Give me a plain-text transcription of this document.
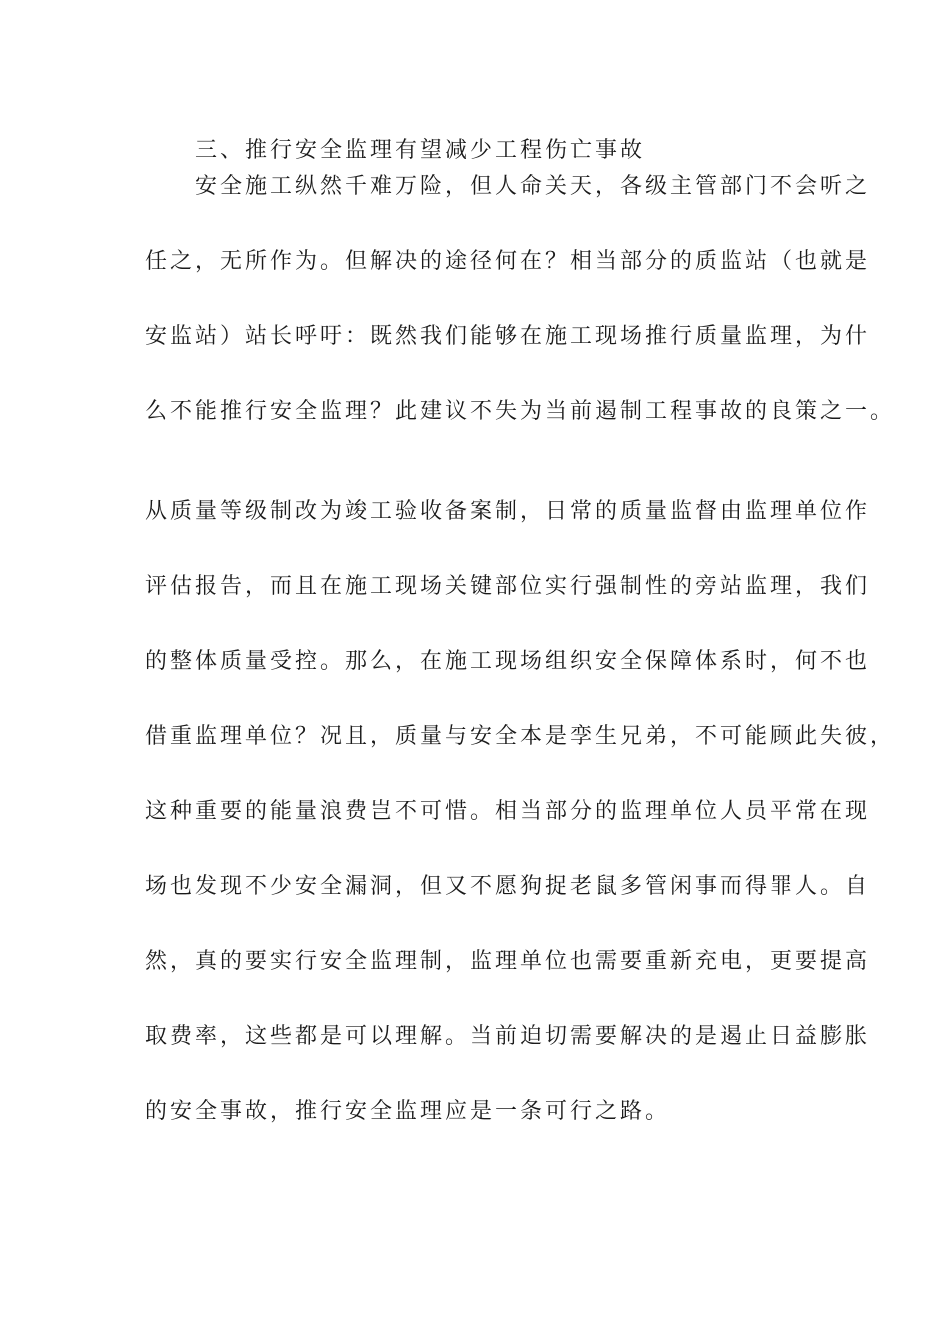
三、推行安全监理有望减少工程伤亡事故
安全施工纵然千难万险，但人命关天，各级主管部门不会听之
任之，无所作为。但解决的途径何在？相当部分的质监站（也就是
安监站）站长呼吁：既然我们能够在施工现场推行质量监理，为什
么不能推行安全监理？此建议不失为当前遏制工程事故的良策之一。
从质量等级制改为竣工验收备案制，日常的质量监督由监理单位作
评估报告，而且在施工现场关键部位实行强制性的旁站监理，我们
的整体质量受控。那么，在施工现场组织安全保障体系时，何不也
借重监理单位？况且，质量与安全本是孪生兄弟，不可能顾此失彼，
这种重要的能量浪费岂不可惜。相当部分的监理单位人员平常在现
场也发现不少安全漏洞，但又不愿狗捉老鼠多管闲事而得罪人。自
然，真的要实行安全监理制，监理单位也需要重新充电，更要提高
取费率，这些都是可以理解。当前迫切需要解决的是遏止日益膨胀
的安全事故，推行安全监理应是一条可行之路。
